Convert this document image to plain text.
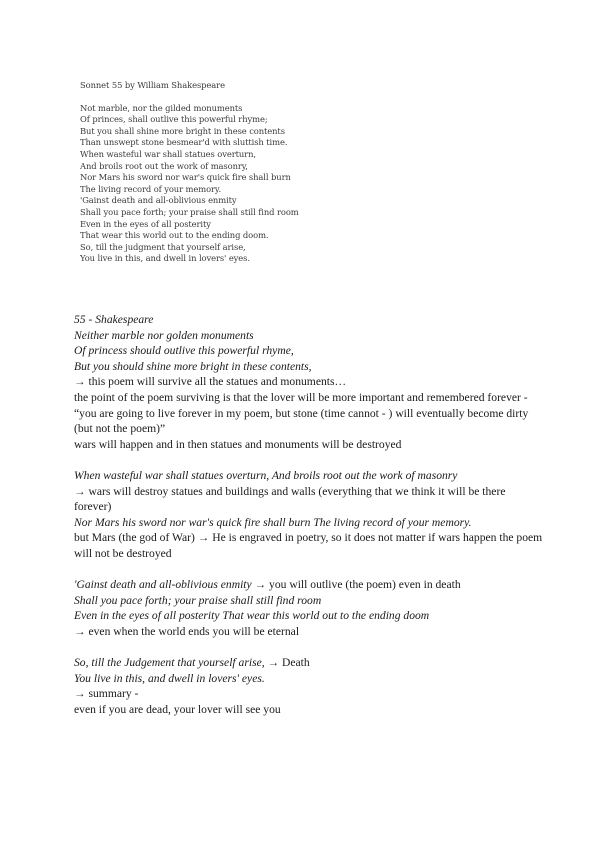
Sonnet 55 by William Shakespeare
Not marble, nor the gilded monuments
Of princes, shall outlive this powerful rhyme;
But you shall shine more bright in these contents
Than unswept stone besmear'd with sluttish time.
When wasteful war shall statues overturn,
And broils root out the work of masonry,
Nor Mars his sword nor war's quick fire shall burn
The living record of your memory.
'Gainst death and all-oblivious enmity
Shall you pace forth; your praise shall still find room
Even in the eyes of all posterity
That wear this world out to the ending doom.
So, till the judgment that yourself arise,
You live in this, and dwell in lovers' eyes.
55 - Shakespeare
Neither marble nor golden monuments
Of princess should outlive this powerful rhyme,
But you should shine more bright in these contents,
→ this poem will survive all the statues and monuments…
the point of the poem surviving is that the lover will be more important and remembered forever - “you are going to live forever in my poem, but stone (time cannot - ) will eventually become dirty (but not the poem)”
wars will happen and in then statues and monuments will be destroyed
When wasteful war shall statues overturn, And broils root out the work of masonry
→ wars will destroy statues and buildings and walls (everything that we think it will be there forever)
Nor Mars his sword nor war's quick fire shall burn The living record of your memory.
but Mars (the god of War) → He is engraved in poetry, so it does not matter if wars happen the poem will not be destroyed
'Gainst death and all-oblivious enmity → you will outlive (the poem) even in death
Shall you pace forth; your praise shall still find room
Even in the eyes of all posterity That wear this world out to the ending doom
→ even when the world ends you will be eternal
So, till the Judgement that yourself arise, → Death
You live in this, and dwell in lovers' eyes.
→ summary -
even if you are dead, your lover will see you
